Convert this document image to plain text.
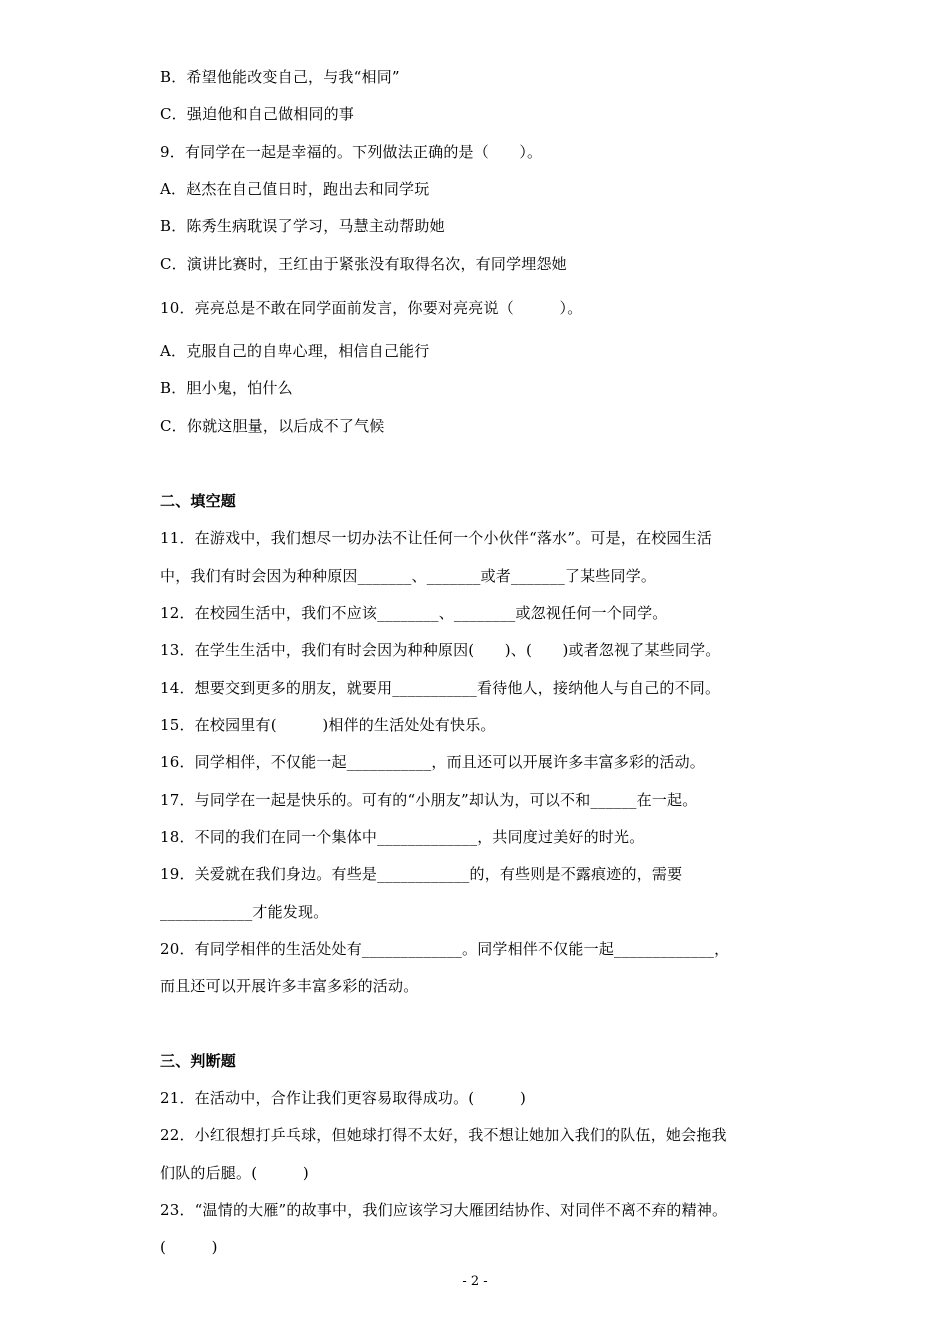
B．希望他能改变自己，与我“相同”
C．强迫他和自己做相同的事
9．有同学在一起是幸福的。下列做法正确的是（　　）。
A．赵杰在自己值日时，跑出去和同学玩
B．陈秀生病耽误了学习，马慧主动帮助她
C．演讲比赛时，王红由于紧张没有取得名次，有同学埋怨她
10．亮亮总是不敢在同学面前发言，你要对亮亮说（　　　）。
A．克服自己的自卑心理，相信自己能行
B．胆小鬼，怕什么
C．你就这胆量，以后成不了气候
二、填空题
11．在游戏中，我们想尽一切办法不让任何一个小伙伴“落水”。可是，在校园生活
中，我们有时会因为种种原因_______、_______或者_______了某些同学。
12．在校园生活中，我们不应该________、________或忽视任何一个同学。
13．在学生生活中，我们有时会因为种种原因(　　)、(　　)或者忽视了某些同学。
14．想要交到更多的朋友，就要用___________看待他人，接纳他人与自己的不同。
15．在校园里有(　　　)相伴的生活处处有快乐。
16．同学相伴，不仅能一起___________，而且还可以开展许多丰富多彩的活动。
17．与同学在一起是快乐的。可有的“小朋友”却认为，可以不和______在一起。
18．不同的我们在同一个集体中_____________，共同度过美好的时光。
19．关爱就在我们身边。有些是____________的，有些则是不露痕迹的，需要
____________才能发现。
20．有同学相伴的生活处处有_____________。同学相伴不仅能一起_____________，
而且还可以开展许多丰富多彩的活动。
三、判断题
21．在活动中，合作让我们更容易取得成功。(　　　)
22．小红很想打乒乓球，但她球打得不太好，我不想让她加入我们的队伍，她会拖我
们队的后腿。(　　　)
23．“温情的大雁”的故事中，我们应该学习大雁团结协作、对同伴不离不弃的精神。
(　　　)
- 2 -
